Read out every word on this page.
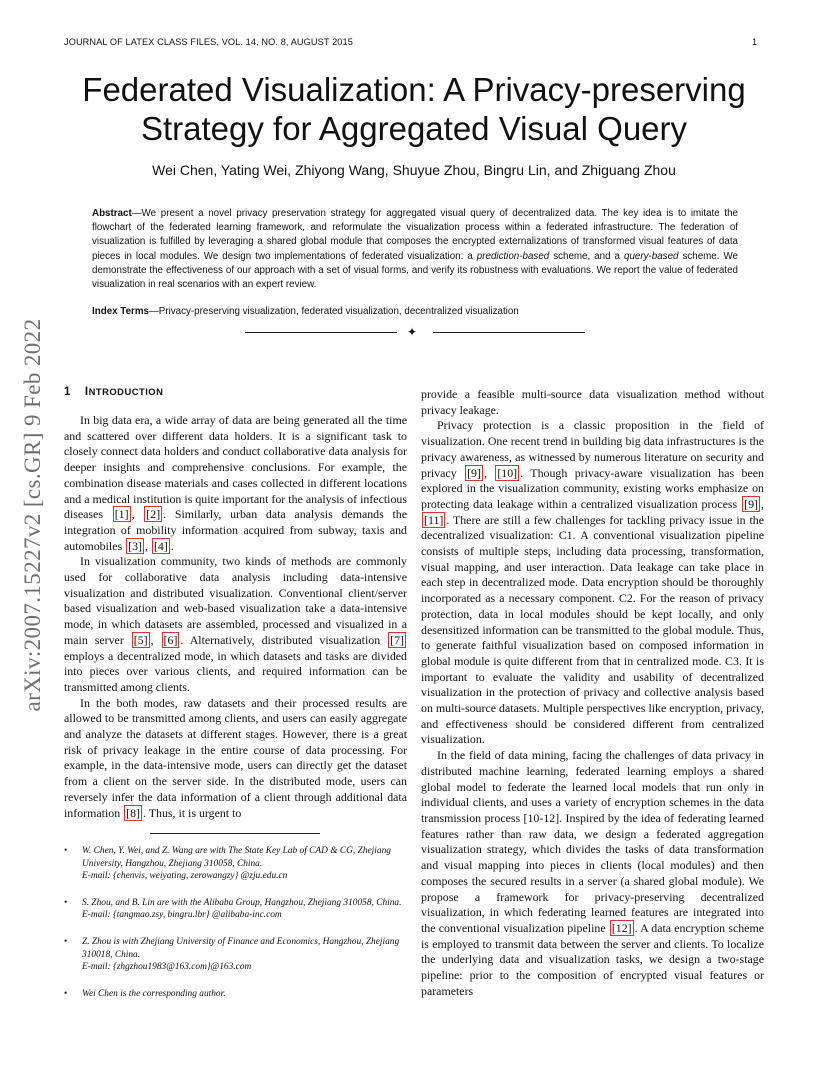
JOURNAL OF LATEX CLASS FILES, VOL. 14, NO. 8, AUGUST 2015	1
Federated Visualization: A Privacy-preserving
Strategy for Aggregated Visual Query
Wei Chen, Yating Wei, Zhiyong Wang, Shuyue Zhou, Bingru Lin, and Zhiguang Zhou
Abstract—We present a novel privacy preservation strategy for aggregated visual query of decentralized data. The key idea is to imitate the flowchart of the federated learning framework, and reformulate the visualization process within a federated infrastructure. The federation of visualization is fulfilled by leveraging a shared global module that composes the encrypted externalizations of transformed visual features of data pieces in local modules. We design two implementations of federated visualization: a prediction-based scheme, and a query-based scheme. We demonstrate the effectiveness of our approach with a set of visual forms, and verify its robustness with evaluations. We report the value of federated visualization in real scenarios with an expert review.
Index Terms—Privacy-preserving visualization, federated visualization, decentralized visualization
✦
arXiv:2007.15227v2 [cs.GR] 9 Feb 2022 1 INTRODUCTION

In big data era, a wide array of data are being generated all the time and scattered over different data holders. It is a significant task to closely connect data holders and conduct collaborative data analysis for deeper insights and comprehensive conclusions. For example, the combination disease materials and cases collected in different locations and a medical institution is quite important for the analysis of infectious diseases [1] , [2] . Similarly, urban data analysis demands the integration of mobility information acquired from subway, taxis and automobiles [3] , [4] .

In visualization community, two kinds of methods are commonly used for collaborative data analysis including data-intensive visualization and distributed visualization. Conventional client/server based visualization and web-based visualization take a data-intensive mode, in which datasets are assembled, processed and visualized in a main server [5] , [6] . Alternatively, distributed visualization [7] employs a decentralized mode, in which datasets and tasks are divided into pieces over various clients, and required information can be transmitted among clients.

In the both modes, raw datasets and their processed results are allowed to be transmitted among clients, and users can easily aggregate and analyze the datasets at different stages. However, there is a great risk of privacy leakage in the entire course of data processing. For example, in the data-intensive mode, users can directly get the dataset from a client on the server side. In the distributed mode, users can reversely infer the data information of a client through additional data information [8] . Thus, it is urgent to

• W. Chen, Y. Wei, and Z. Wang are with The State Key Lab of CAD & CG, Zhejiang University, Hangzhou, Zhejiang 310058, China.
E-mail: {chenvis, weiyating, zerowangzy} @zju.edu.cn
• S. Zhou, and B. Lin are with the Alibaba Group, Hangzhou, Zhejiang 310058, China.
E-mail: {tangmao.zsy, bingru.lbr} @alibaba-inc.com
• Z. Zhou is with Zhejiang University of Finance and Economics, Hangzhou, Zhejiang 310018, China.
E-mail: {zhgzhou1983@163.com}@163.com
• Wei Chen is the corresponding author.

provide a feasible multi-source data visualization method without privacy leakage.

Privacy protection is a classic proposition in the field of visualization. One recent trend in building big data infrastructures is the privacy awareness, as witnessed by numerous literature on security and privacy [9] , [10] . Though privacy-aware visualization has been explored in the visualization community, existing works emphasize on protecting data leakage within a centralized visualization process [9] , [11] . There are still a few challenges for tackling privacy issue in the decentralized visualization: C1. A conventional visualization pipeline consists of multiple steps, including data processing, transformation, visual mapping, and user interaction. Data leakage can take place in each step in decentralized mode. Data encryption should be thoroughly incorporated as a necessary component. C2. For the reason of privacy protection, data in local modules should be kept locally, and only desensitized information can be transmitted to the global module. Thus, to generate faithful visualization based on composed information in global module is quite different from that in centralized mode. C3. It is important to evaluate the validity and usability of decentralized visualization in the protection of privacy and collective analysis based on multi-source datasets. Multiple perspectives like encryption, privacy, and effectiveness should be considered different from centralized visualization.

In the field of data mining, facing the challenges of data privacy in distributed machine learning, federated learning employs a shared global model to federate the learned local models that run only in individual clients, and uses a variety of encryption schemes in the data transmission process [10-12]. Inspired by the idea of federating learned features rather than raw data, we design a federated aggregation visualization strategy, which divides the tasks of data transformation and visual mapping into pieces in clients (local modules) and then composes the secured results in a server (a shared global module). We propose a framework for privacy-preserving decentralized visualization, in which federating learned features are integrated into the conventional visualization pipeline [12] . A data encryption scheme is employed to transmit data between the server and clients. To localize the underlying data and visualization tasks, we design a two-stage pipeline: prior to the composition of encrypted visual features or parameters
